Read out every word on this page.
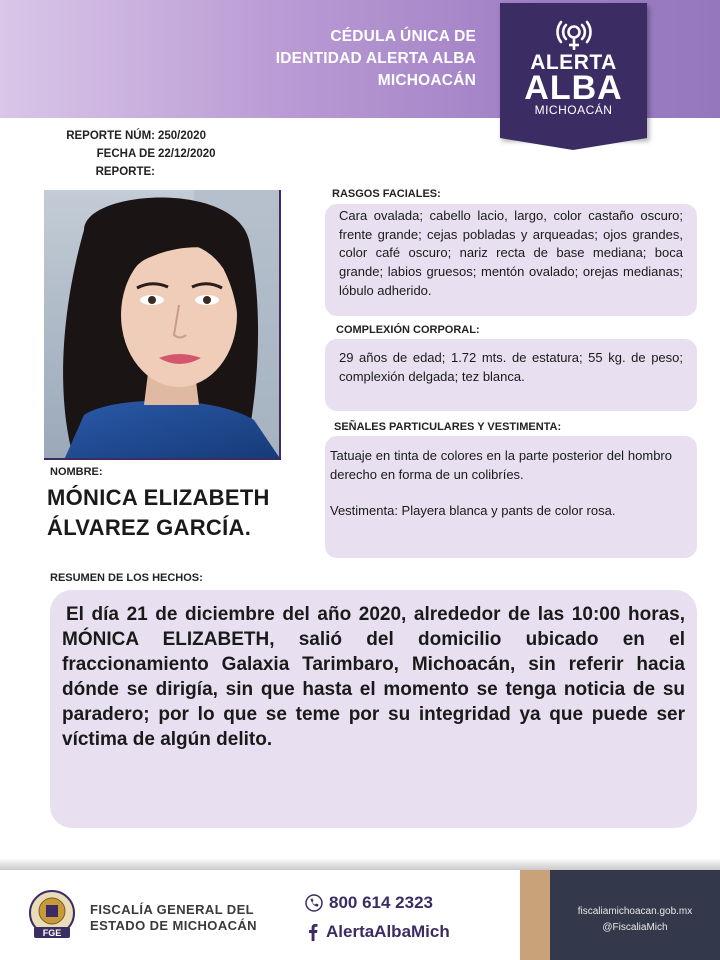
CÉDULA ÚNICA DE
IDENTIDAD ALERTA ALBA
MICHOACÁN
ALERTA
ALBA
MICHOACÁN
REPORTE NÚM: 250/2020
FECHA DE REPORTE:
22/12/2020
NOMBRE:
MÓNICA ELIZABETH
ÁLVAREZ GARCÍA.
RASGOS FACIALES:

Cara ovalada; cabello lacio, largo, color castaño oscuro; frente grande; cejas pobladas y arqueadas; ojos grandes, color café oscuro; nariz recta de base mediana; boca grande; labios gruesos; mentón ovalado; orejas medianas; lóbulo adherido.

COMPLEXIÓN CORPORAL:

29 años de edad; 1.72 mts. de estatura; 55 kg. de peso; complexión delgada; tez blanca.

SEÑALES PARTICULARES Y VESTIMENTA:

Tatuaje en tinta de colores en la parte posterior del hombro derecho en forma de un colibríes.

Vestimenta: Playera blanca y pants de color rosa.

RESUMEN DE LOS HECHOS:

El día 21 de diciembre del año 2020, alrededor de las 10:00 horas, MÓNICA ELIZABETH, salió del domicilio ubicado en el fraccionamiento Galaxia Tarimbaro, Michoacán, sin referir hacia dónde se dirigía, sin que hasta el momento se tenga noticia de su paradero; por lo que se teme por su integridad ya que puede ser víctima de algún delito.

FGE
FISCALÍA GENERAL DEL
ESTADO DE MICHOACÁN
800 614 2323
AlertaAlbaMich
fiscaliamichoacan.gob.mx
@FiscaliaMich
